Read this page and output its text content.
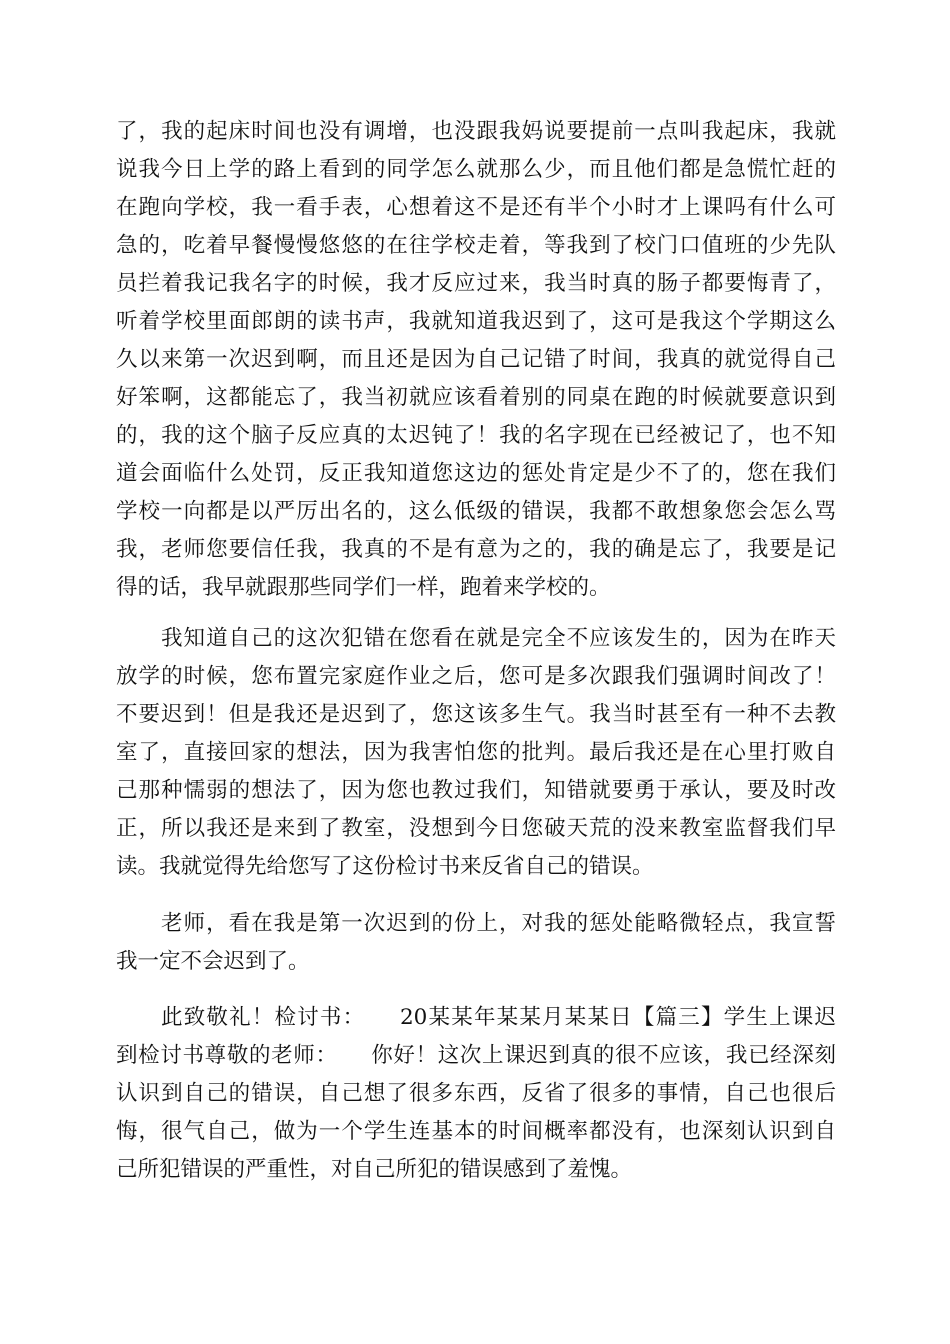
了，我的起床时间也没有调增，也没跟我妈说要提前一点叫我起床，我就
说我今日上学的路上看到的同学怎么就那么少，而且他们都是急慌忙赶的
在跑向学校，我一看手表，心想着这不是还有半个小时才上课吗有什么可
急的，吃着早餐慢慢悠悠的在往学校走着，等我到了校门口值班的少先队
员拦着我记我名字的时候，我才反应过来，我当时真的肠子都要悔青了，
听着学校里面郎朗的读书声，我就知道我迟到了，这可是我这个学期这么
久以来第一次迟到啊，而且还是因为自己记错了时间，我真的就觉得自己
好笨啊，这都能忘了，我当初就应该看着别的同桌在跑的时候就要意识到
的，我的这个脑子反应真的太迟钝了！我的名字现在已经被记了，也不知
道会面临什么处罚，反正我知道您这边的惩处肯定是少不了的，您在我们
学校一向都是以严厉出名的，这么低级的错误，我都不敢想象您会怎么骂
我，老师您要信任我，我真的不是有意为之的，我的确是忘了，我要是记
得的话，我早就跟那些同学们一样，跑着来学校的。
我知道自己的这次犯错在您看在就是完全不应该发生的，因为在昨天
放学的时候，您布置完家庭作业之后，您可是多次跟我们强调时间改了！
不要迟到！但是我还是迟到了，您这该多生气。我当时甚至有一种不去教
室了，直接回家的想法，因为我害怕您的批判。最后我还是在心里打败自
己那种懦弱的想法了，因为您也教过我们，知错就要勇于承认，要及时改
正，所以我还是来到了教室，没想到今日您破天荒的没来教室监督我们早
读。我就觉得先给您写了这份检讨书来反省自己的错误。
老师，看在我是第一次迟到的份上，对我的惩处能略微轻点，我宣誓
我一定不会迟到了。
此致敬礼！检讨书：　　20某某年某某月某某日【篇三】学生上课迟
到检讨书尊敬的老师：　　你好！这次上课迟到真的很不应该，我已经深刻
认识到自己的错误，自己想了很多东西，反省了很多的事情，自己也很后
悔，很气自己，做为一个学生连基本的时间概率都没有，也深刻认识到自
己所犯错误的严重性，对自己所犯的错误感到了羞愧。
